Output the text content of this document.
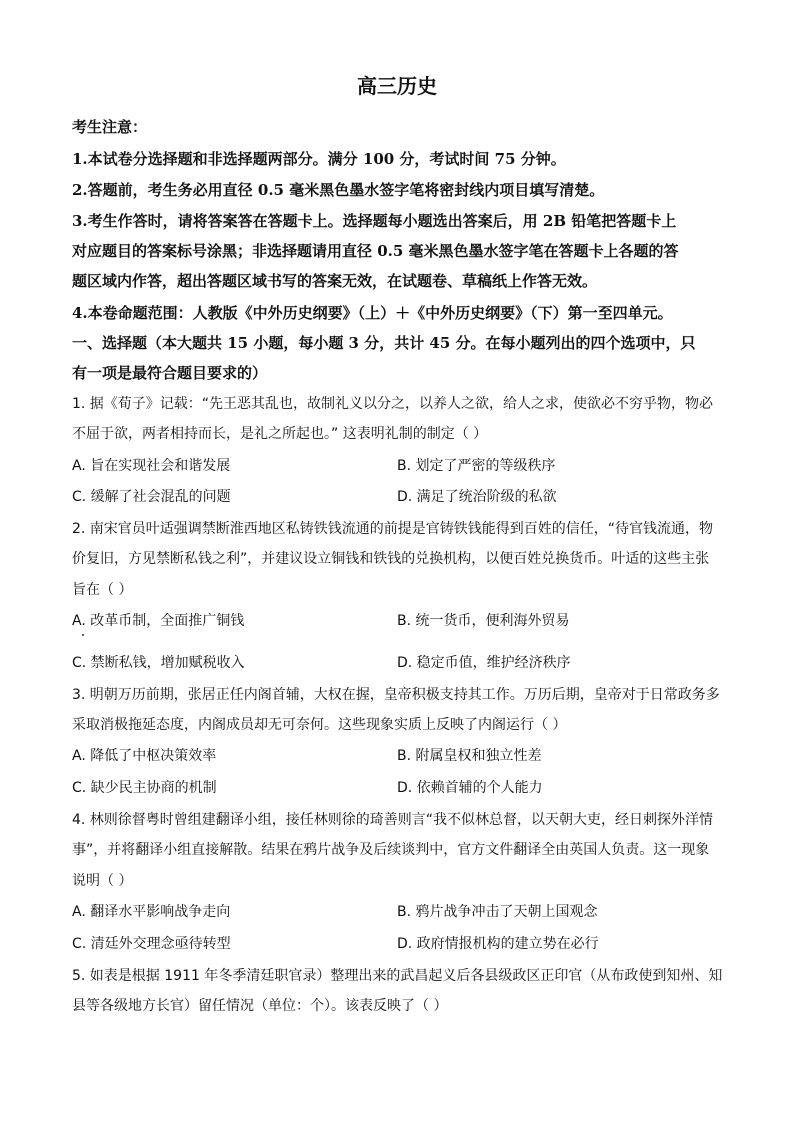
高三历史
考生注意：
1.本试卷分选择题和非选择题两部分。满分 100 分，考试时间 75 分钟。
2.答题前，考生务必用直径 0.5 毫米黑色墨水签字笔将密封线内项目填写清楚。
3.考生作答时，请将答案答在答题卡上。选择题每小题选出答案后，用 2B 铅笔把答题卡上
对应题目的答案标号涂黑；非选择题请用直径 0.5 毫米黑色墨水签字笔在答题卡上各题的答
题区域内作答，超出答题区域书写的答案无效，在试题卷、草稿纸上作答无效。
4.本卷命题范围：人教版《中外历史纲要》（上）＋《中外历史纲要》（下）第一至四单元。
一、选择题（本大题共 15 小题，每小题 3 分，共计 45 分。在每小题列出的四个选项中，只
有一项是最符合题目要求的）
1. 据《荀子》记载：“先王恶其乱也，故制礼义以分之，以养人之欲，给人之求，使欲必不穷乎物，物必
不屈于欲，两者相持而长，是礼之所起也。” 这表明礼制的制定（ ）
A. 旨在实现社会和谐发展	B. 划定了严密的等级秩序
C. 缓解了社会混乱的问题	D. 满足了统治阶级的私欲
2. 南宋官员叶适强调禁断淮西地区私铸铁钱流通的前提是官铸铁钱能得到百姓的信任，“待官钱流通，物
价复旧，方见禁断私钱之利”，并建议设立铜钱和铁钱的兑换机构，以便百姓兑换货币。叶适的这些主张
旨在（ ）
A. 改革币制，全面推广铜钱	B. 统一货币，便利海外贸易
C. 禁断私钱，增加赋税收入	D. 稳定币值，维护经济秩序
3. 明朝万历前期，张居正任内阁首辅，大权在握，皇帝积极支持其工作。万历后期，皇帝对于日常政务多
采取消极拖延态度，内阁成员却无可奈何。这些现象实质上反映了内阁运行（ ）
A. 降低了中枢决策效率	B. 附属皇权和独立性差
C. 缺少民主协商的机制	D. 依赖首辅的个人能力
4. 林则徐督粤时曾组建翻译小组，接任林则徐的琦善则言“我不似林总督，以天朝大吏，经日刺探外洋情
事”，并将翻译小组直接解散。结果在鸦片战争及后续谈判中，官方文件翻译全由英国人负责。这一现象
说明（ ）
A. 翻译水平影响战争走向	B. 鸦片战争冲击了天朝上国观念
C. 清廷外交理念亟待转型	D. 政府情报机构的建立势在必行
5. 如表是根据 1911 年冬季清廷职官录）整理出来的武昌起义后各县级政区正印官（从布政使到知州、知
县等各级地方长官）留任情况（单位：个）。该表反映了（ ）
